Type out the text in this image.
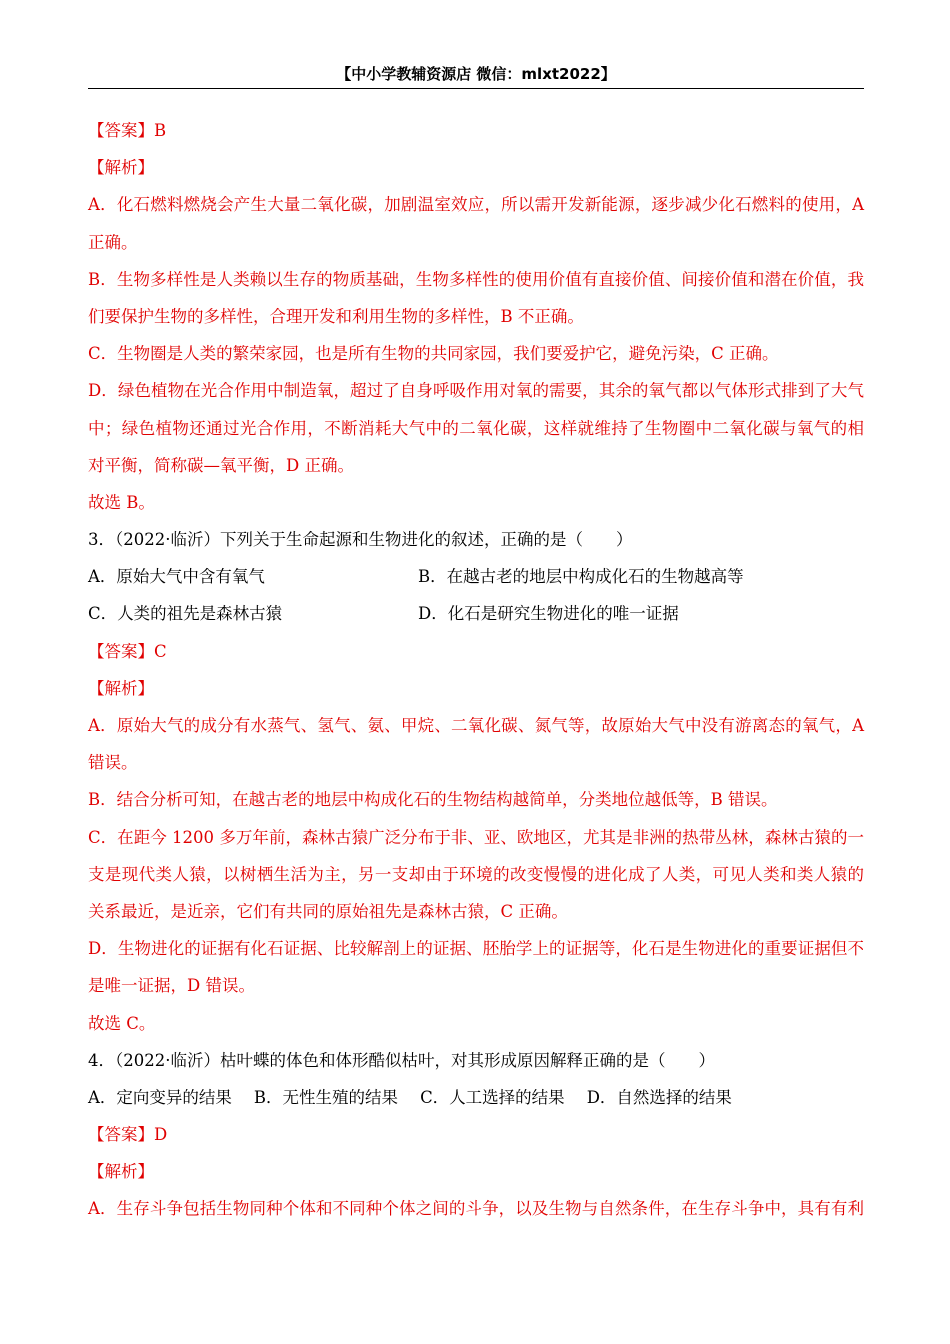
【中小学教辅资源店 微信：mlxt2022】
【答案】B
【解析】
A．化石燃料燃烧会产生大量二氧化碳，加剧温室效应，所以需开发新能源，逐步减少化石燃料的使用，A
正确。
B．生物多样性是人类赖以生存的物质基础，生物多样性的使用价值有直接价值、间接价值和潜在价值，我
们要保护生物的多样性，合理开发和利用生物的多样性，B 不正确。
C．生物圈是人类的繁荣家园，也是所有生物的共同家园，我们要爱护它，避免污染，C 正确。
D．绿色植物在光合作用中制造氧，超过了自身呼吸作用对氧的需要，其余的氧气都以气体形式排到了大气
中；绿色植物还通过光合作用，不断消耗大气中的二氧化碳，这样就维持了生物圈中二氧化碳与氧气的相
对平衡，简称碳—氧平衡，D 正确。
故选 B。
3．（2022·临沂）下列关于生命起源和生物进化的叙述，正确的是（　　）
A．原始大气中含有氧气	B．在越古老的地层中构成化石的生物越高等
C．人类的祖先是森林古猿	D．化石是研究生物进化的唯一证据
【答案】C
【解析】
A．原始大气的成分有水蒸气、氢气、氨、甲烷、二氧化碳、氮气等，故原始大气中没有游离态的氧气，A
错误。
B．结合分析可知，在越古老的地层中构成化石的生物结构越简单，分类地位越低等，B 错误。
C．在距今 1200 多万年前，森林古猿广泛分布于非、亚、欧地区，尤其是非洲的热带丛林，森林古猿的一
支是现代类人猿，以树栖生活为主，另一支却由于环境的改变慢慢的进化成了人类，可见人类和类人猿的
关系最近，是近亲，它们有共同的原始祖先是森林古猿，C 正确。
D．生物进化的证据有化石证据、比较解剖上的证据、胚胎学上的证据等，化石是生物进化的重要证据但不
是唯一证据，D 错误。
故选 C。
4．（2022·临沂）枯叶蝶的体色和体形酷似枯叶，对其形成原因解释正确的是（　　）
A．定向变异的结果 B．无性生殖的结果 C．人工选择的结果 D．自然选择的结果
【答案】D
【解析】
A．生存斗争包括生物同种个体和不同种个体之间的斗争，以及生物与自然条件，在生存斗争中，具有有利
